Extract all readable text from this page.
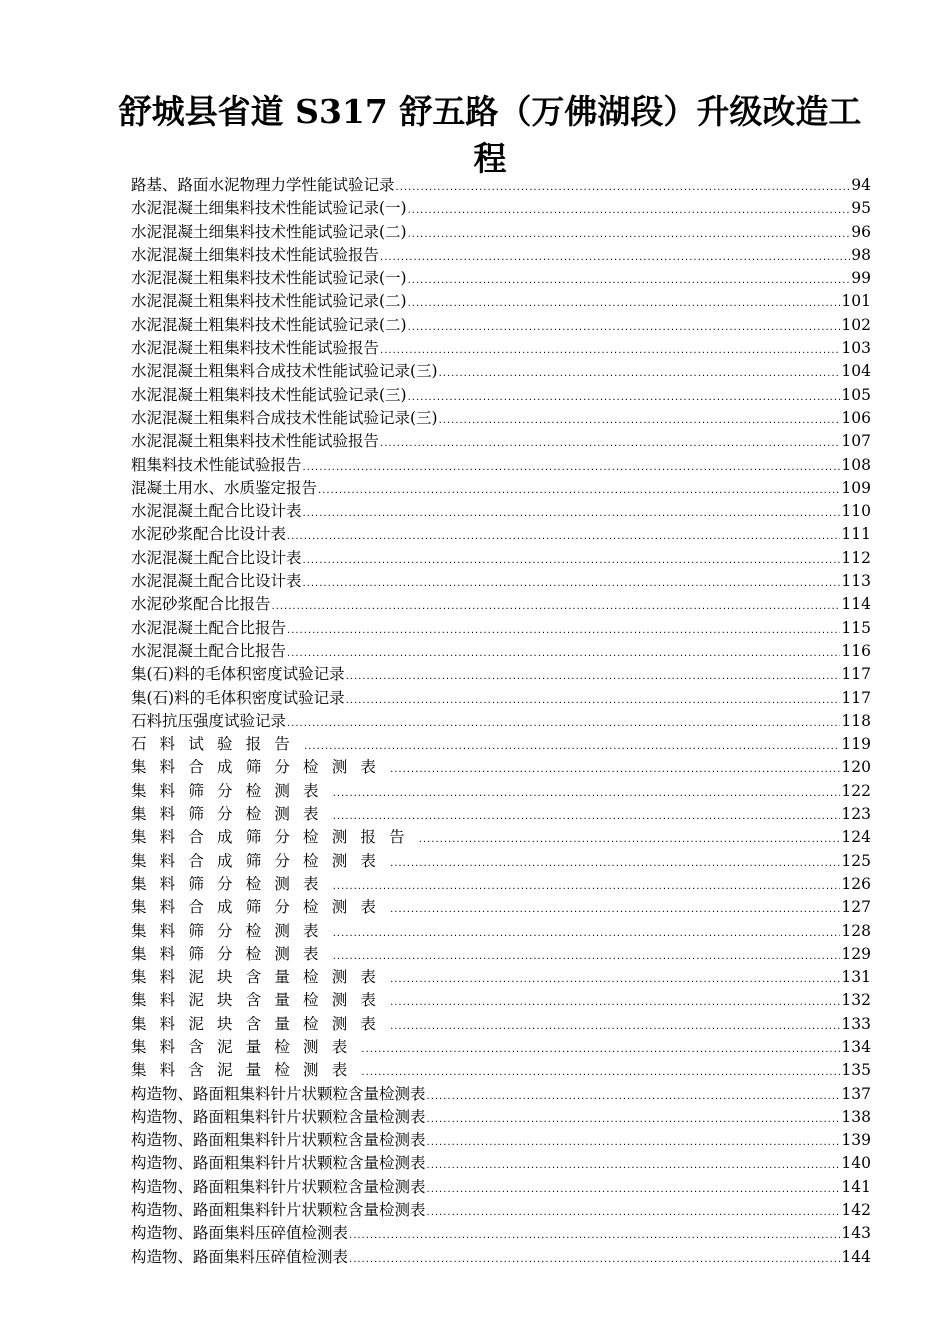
舒城县省道 S317 舒五路（万佛湖段）升级改造工
程
路基、路面水泥物理力学性能试验记录 .....	94
水泥混凝土细集料技术性能试验记录(一) .....	95
水泥混凝土细集料技术性能试验记录(二) .....	96
水泥混凝土细集料技术性能试验报告 .....	98
水泥混凝土粗集料技术性能试验记录(一) .....	99
水泥混凝土粗集料技术性能试验记录(二) .....	101
水泥混凝土粗集料技术性能试验记录(二) .....	102
水泥混凝土粗集料技术性能试验报告 .....	103
水泥混凝土粗集料合成技术性能试验记录(三) .....	104
水泥混凝土粗集料技术性能试验记录(三) .....	105
水泥混凝土粗集料合成技术性能试验记录(三) .....	106
水泥混凝土粗集料技术性能试验报告 .....	107
粗集料技术性能试验报告 .....	108
混凝土用水、水质鉴定报告 .....	109
水泥混凝土配合比设计表 .....	110
水泥砂浆配合比设计表 .....	111
水泥混凝土配合比设计表 .....	112
水泥混凝土配合比设计表 .....	113
水泥砂浆配合比报告 .....	114
水泥混凝土配合比报告 .....	115
水泥混凝土配合比报告 .....	116
集(石)料的毛体积密度试验记录 .....	117
集(石)料的毛体积密度试验记录 .....	117
石料抗压强度试验记录 .....	118
石料试验报告 .....	119
集料合成筛分检测表 .....	120
集料筛分检测表 .....	122
集料筛分检测表 .....	123
集料合成筛分检测报告 .....	124
集料合成筛分检测表 .....	125
集料筛分检测表 .....	126
集料合成筛分检测表 .....	127
集料筛分检测表 .....	128
集料筛分检测表 .....	129
集料泥块含量检测表 .....	131
集料泥块含量检测表 .....	132
集料泥块含量检测表 .....	133
集料含泥量检测表 .....	134
集料含泥量检测表 .....	135
构造物、路面粗集料针片状颗粒含量检测表 .....	137
构造物、路面粗集料针片状颗粒含量检测表 .....	138
构造物、路面粗集料针片状颗粒含量检测表 .....	139
构造物、路面粗集料针片状颗粒含量检测表 .....	140
构造物、路面粗集料针片状颗粒含量检测表 .....	141
构造物、路面粗集料针片状颗粒含量检测表 .....	142
构造物、路面集料压碎值检测表 .....	143
构造物、路面集料压碎值检测表 .....	144
